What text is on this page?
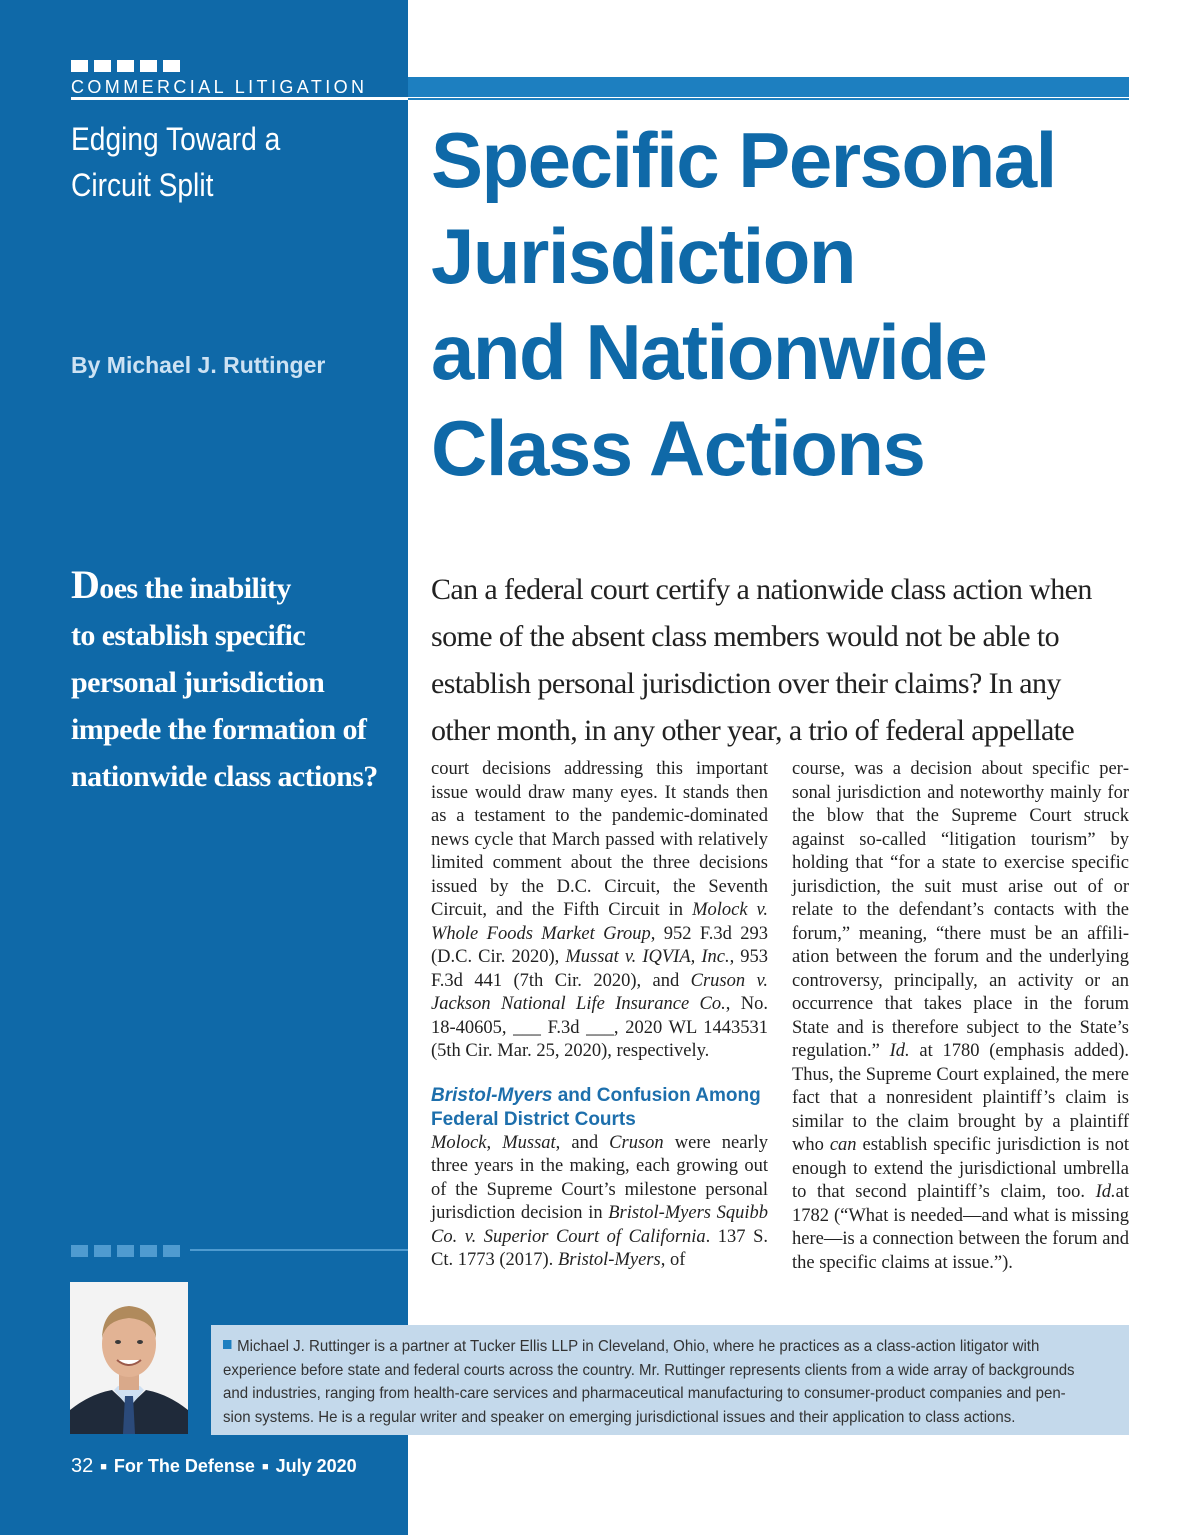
COMMERCIAL LITIGATION
Edging Toward a
Circuit Split
By Michael J. Ruttinger
Does the inability
to establish specific
personal jurisdiction
impede the formation of
nationwide class actions?
Specific Personal
Jurisdiction
and Nationwide
Class Actions
Can a federal court certify a nationwide class action when
some of the absent class members would not be able to
establish personal jurisdiction over their claims? In any
other month, in any other year, a trio of federal appellate

court decisions addressing this important issue would draw many eyes. It stands then as a testament to the pandemic-dominated news cycle that March passed with relatively limited comment about the three decisions issued by the D.C. Circuit, the Seventh Circuit, and the Fifth Circuit in Molock v. Whole Foods Market Group, 952 F.3d 293 (D.C. Cir. 2020), Mussat v. IQVIA, Inc., 953 F.3d 441 (7th Cir. 2020), and Cruson v. Jackson National Life Insurance Co., No. 18-40605, ___ F.3d ___, 2020 WL 1443531 (5th Cir. Mar. 25, 2020), respectively.

Bristol-Myers and Confusion Among Federal District Courts

Molock, Mussat, and Cruson were nearly three years in the making, each growing out of the Supreme Court’s milestone personal jurisdiction decision in Bristol-Myers Squibb Co. v. Superior Court of California. 137 S. Ct. 1773 (2017). Bristol-Myers, of

course, was a decision about specific personal jurisdiction and noteworthy mainly for the blow that the Supreme Court struck against so-called “litigation tourism” by holding that “for a state to exercise specific jurisdiction, the suit must arise out of or relate to the defendant’s contacts with the forum,” meaning, “there must be an affiliation between the forum and the underlying controversy, principally, an activity or an occurrence that takes place in the forum State and is therefore subject to the State’s regulation.” Id. at 1780 (emphasis added). Thus, the Supreme Court explained, the mere fact that a nonresident plaintiff’s claim is similar to the claim brought by a plaintiff who can establish specific jurisdiction is not enough to extend the jurisdictional umbrella to that second plaintiff’s claim, too. Id.at 1782 (“What is needed—and what is missing here—is a connection between the forum and the specific claims at issue.”).

Michael J. Ruttinger is a partner at Tucker Ellis LLP in Cleveland, Ohio, where he practices as a class-action litigator with
experience before state and federal courts across the country. Mr. Ruttinger represents clients from a wide array of backgrounds
and industries, ranging from health-care services and pharmaceutical manufacturing to consumer-product companies and pen-
sion systems. He is a regular writer and speaker on emerging jurisdictional issues and their application to class actions.
32 ■ For The Defense ■ July 2020
